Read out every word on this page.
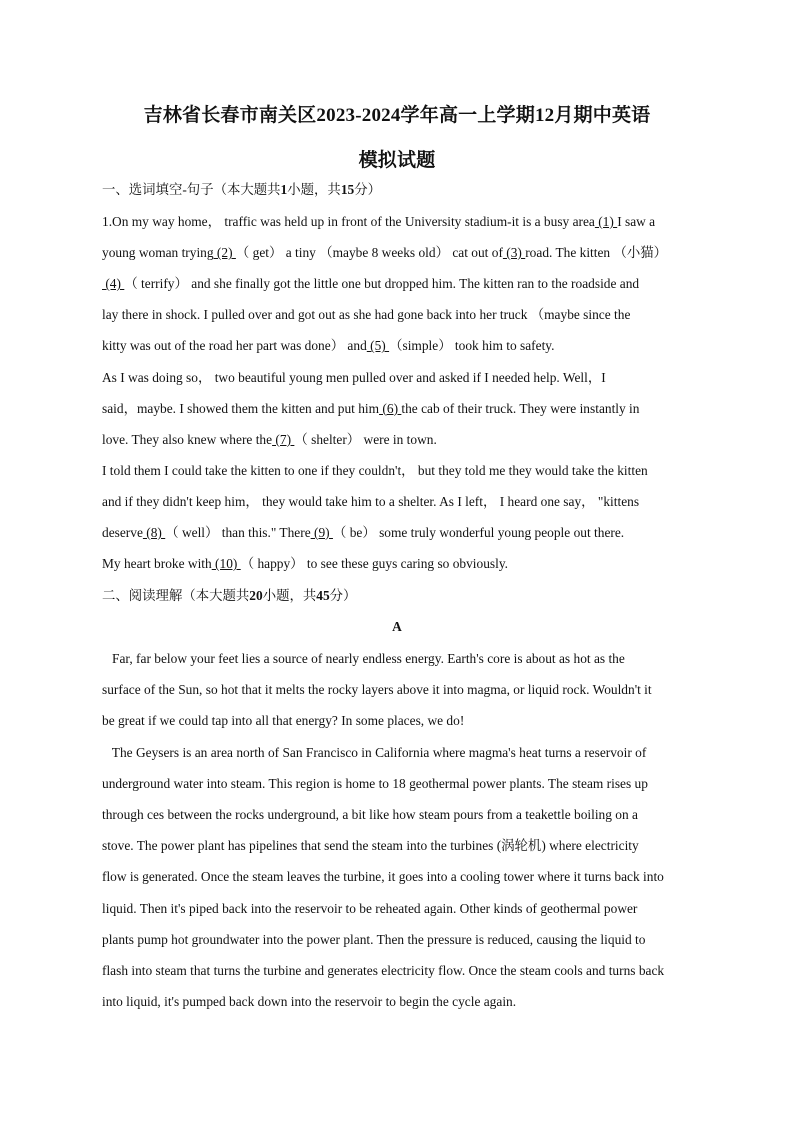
吉林省长春市南关区2023-2024学年高一上学期12月期中英语
模拟试题
一、选词填空-句子（本大题共1小题，共15分）
1.On my way home， traffic was held up in front of the University stadium-it is a busy area (1) I saw a
young woman trying (2) （ get） a tiny （maybe 8 weeks old） cat out of (3) road. The kitten （小猫）
(4) （ terrify） and she finally got the little one but dropped him. The kitten ran to the roadside and
lay there in shock. I pulled over and got out as she had gone back into her truck （maybe since the
kitty was out of the road her part was done） and (5) （simple） took him to safety.
As I was doing so， two beautiful young men pulled over and asked if I needed help. Well，I
said，maybe. I showed them the kitten and put him (6) the cab of their truck. They were instantly in
love. They also knew where the (7) （ shelter） were in town.
I told them I could take the kitten to one if they couldn't， but they told me they would take the kitten
and if they didn't keep him， they would take him to a shelter. As I left， I heard one say， "kittens
deserve (8) （ well） than this." There (9) （ be） some truly wonderful young people out there.
My heart broke with (10) （ happy） to see these guys caring so obviously.
二、阅读理解（本大题共20小题，共45分）
A
Far, far below your feet lies a source of nearly endless energy. Earth's core is about as hot as the
surface of the Sun, so hot that it melts the rocky layers above it into magma, or liquid rock. Wouldn't it
be great if we could tap into all that energy? In some places, we do!
The Geysers is an area north of San Francisco in California where magma's heat turns a reservoir of
underground water into steam. This region is home to 18 geothermal power plants. The steam rises up
through ces between the rocks underground, a bit like how steam pours from a teakettle boiling on a
stove. The power plant has pipelines that send the steam into the turbines (涡轮机) where electricity
flow is generated. Once the steam leaves the turbine, it goes into a cooling tower where it turns back into
liquid. Then it's piped back into the reservoir to be reheated again. Other kinds of geothermal power
plants pump hot groundwater into the power plant. Then the pressure is reduced, causing the liquid to
flash into steam that turns the turbine and generates electricity flow. Once the steam cools and turns back
into liquid, it's pumped back down into the reservoir to begin the cycle again.
